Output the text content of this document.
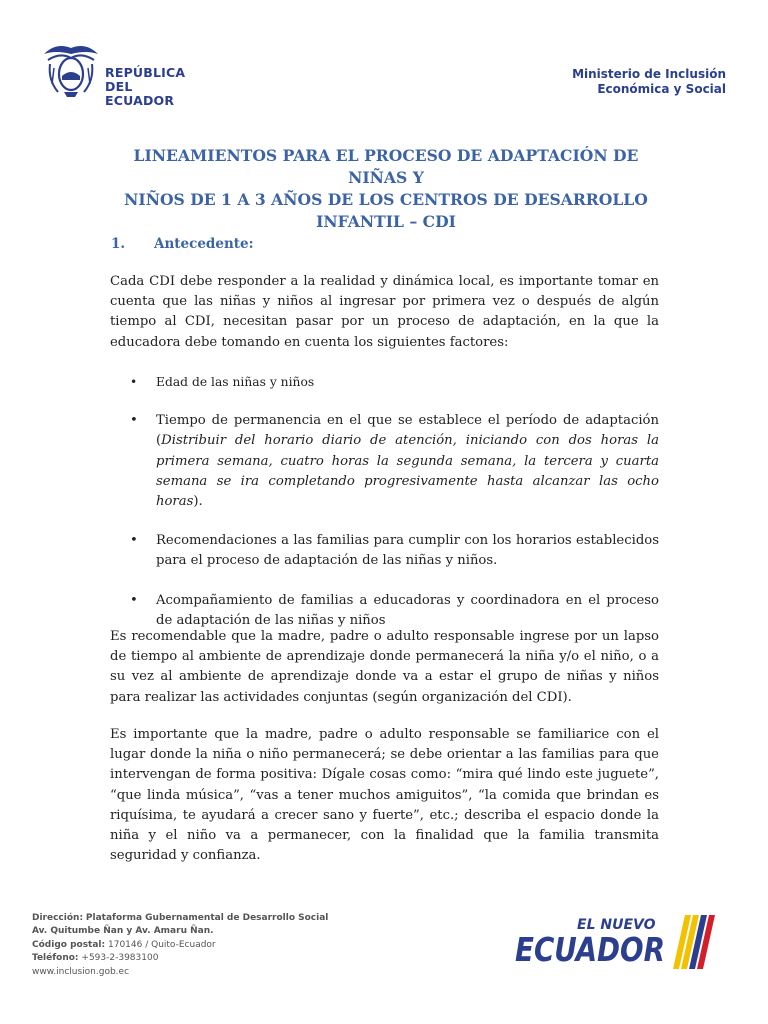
REPÚBLICA
DEL ECUADOR
Ministerio de Inclusión
Económica y Social
LINEAMIENTOS PARA EL PROCESO DE ADAPTACIÓN DE NIÑAS Y
NIÑOS DE 1 A 3 AÑOS DE LOS CENTROS DE DESARROLLO
INFANTIL – CDI
1. Antecedente:

Cada CDI debe responder a la realidad y dinámica local, es importante tomar en cuenta que las niñas y niños al ingresar por primera vez o después de algún tiempo al CDI, necesitan pasar por un proceso de adaptación, en la que la educadora debe tomando en cuenta los siguientes factores:

• Edad de las niñas y niños
• Tiempo de permanencia en el que se establece el período de adaptación (Distribuir del horario diario de atención, iniciando con dos horas la primera semana, cuatro horas la segunda semana, la tercera y cuarta semana se ira completando progresivamente hasta alcanzar las ocho horas).
• Recomendaciones a las familias para cumplir con los horarios establecidos para el proceso de adaptación de las niñas y niños.
• Acompañamiento de familias a educadoras y coordinadora en el proceso de adaptación de las niñas y niños

Es recomendable que la madre, padre o adulto responsable ingrese por un lapso de tiempo al ambiente de aprendizaje donde permanecerá la niña y/o el niño, o a su vez al ambiente de aprendizaje donde va a estar el grupo de niñas y niños para realizar las actividades conjuntas (según organización del CDI).

Es importante que la madre, padre o adulto responsable se familiarice con el lugar donde la niña o niño permanecerá; se debe orientar a las familias para que intervengan de forma positiva: Dígale cosas como: “mira qué lindo este juguete”, “que linda música”, “vas a tener muchos amiguitos”, “la comida que brindan es riquísima, te ayudará a crecer sano y fuerte”, etc.; describa el espacio donde la niña y el niño va a permanecer, con la finalidad que la familia transmita seguridad y confianza.

Dirección: Plataforma Gubernamental de Desarrollo Social
Av. Quitumbe Ñan y Av. Amaru Ñan.
Código postal: 170146 / Quito-Ecuador
Teléfono: +593-2-3983100
www.inclusion.gob.ec
EL NUEVO
ECUADOR
